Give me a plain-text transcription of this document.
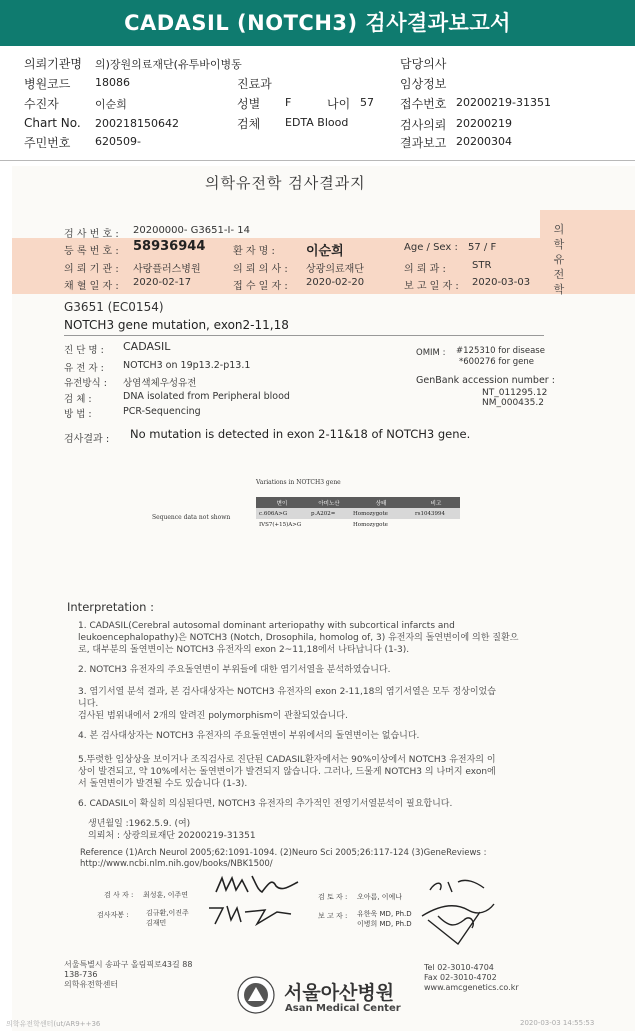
CADASIL (NOTCH3) 검사결과보고서
의뢰기관명 의)장원의료재단(유투바이병동
병원코드 18086
수진자	이순희
Chart No. 200218150642
주민번호 620509-
진료과
성별 F
검체 EDTA Blood
나이 57
담당의사
임상정보
접수번호 20200219-31351
검사의뢰 20200219
결과보고 20200304
의학유전학 검사결과지
의학유전학
검 사 번 호 : 20200000- G3651-I- 14
등 록 번 호 : 58936944	환 자 명 : 이순희	Age / Sex : 57 / F
의 뢰 기 관 : 사랑플러스병원	의 뢰 의 사 : 상광의료재단	의 뢰 과 :	STR
채 혈 일 자 : 2020-02-17	접 수 일 자 : 2020-02-20	보 고 일 자 : 2020-03-03
G3651 (EC0154)
NOTCH3 gene mutation, exon2-11,18
진 단 명 : CADASIL
유 전 자 : NOTCH3 on 19p13.2-p13.1
유전방식 : 상염색체우성유전
검 체 :	DNA isolated from Peripheral blood
방 법 :	PCR-Sequencing
OMIM : #125310 for disease
*600276 for gene
GenBank accession number :
NT_011295.12
NM_000435.2
검사결과 : No mutation is detected in exon 2-11&18 of NOTCH3 gene.
Variations in NOTCH3 gene
Sequence data not shown
변이	아미노산	상태	비고
c.606A>G	p.A202=	Homozygote	rs1043994
IVS7(+15)A>G		Homozygote	
Interpretation :
1. CADASIL(Cerebral autosomal dominant arteriopathy with subcortical infarcts and
leukoencephalopathy)은 NOTCH3 (Notch, Drosophila, homolog of, 3) 유전자의 돌연변이에 의한 질환으
로, 대부분의 돌연변이는 NOTCH3 유전자의 exon 2~11,18에서 나타납니다 (1-3).
2. NOTCH3 유전자의 주요돌연변이 부위들에 대한 염기서열을 분석하였습니다.
3. 염기서열 분석 결과, 본 검사대상자는 NOTCH3 유전자의 exon 2-11,18의 염기서열은 모두 정상이었습
니다.
검사된 범위내에서 2개의 알려진 polymorphism이 관찰되었습니다.
4. 본 검사대상자는 NOTCH3 유전자의 주요돌연변이 부위에서의 돌연변이는 없습니다.
5.뚜렷한 임상상을 보이거나 조직검사로 진단된 CADASIL환자에서는 90%이상에서 NOTCH3 유전자의 이
상이 발견되고, 약 10%에서는 돌연변이가 발견되지 않습니다. 그러나, 드물게 NOTCH3 의 나머지 exon에
서 돌연변이가 발견될 수도 있습니다 (1-3).
6. CADASIL이 확실히 의심된다면, NOTCH3 유전자의 추가적인 전영기서열분석이 필요합니다.
생년월일 :1962.5.9. (여)
의뢰처 : 상광의료재단 20200219-31351
Reference (1)Arch Neurol 2005;62:1091-1094. (2)Neuro Sci 2005;26:117-124 (3)GeneReviews :
http://www.ncbi.nlm.nih.gov/books/NBK1500/
검 사 자 : 최성훈, 이주연
검사자봉 : 김규환,이진주
김재민
검 토 자 : 오아름, 이예나
보 고 자 : 유한욱 MD, Ph.D
이병희 MD, Ph.D
서울특별시 송파구 올림픽로43길 88
138-736
의학유전학센터	서울아산병원
Asan Medical Center
Tel 02-3010-4704
Fax 02-3010-4702
www.amcgenetics.co.kr
의학유전학센터(ut/AR9++36	2020-03-03 14:55:53
